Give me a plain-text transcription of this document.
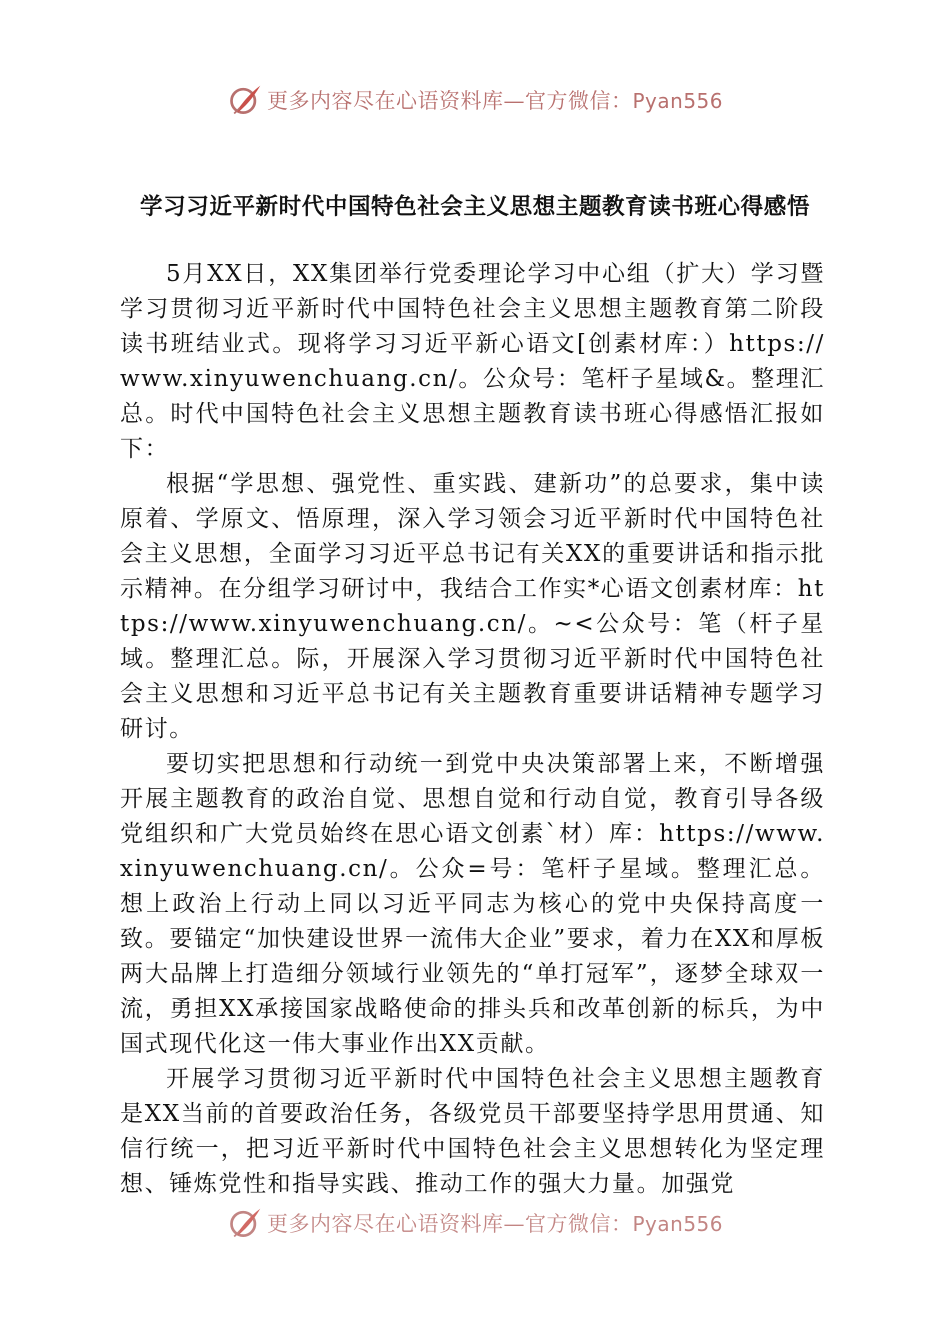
更多内容尽在心语资料库—官方微信：Pyan556
学习习近平新时代中国特色社会主义思想主题教育读书班心得感悟

5月XX日，XX集团举行党委理论学习中心组（扩大）学习暨学习贯彻习近平新时代中国特色社会主义思想主题教育第二阶段读书班结业式。现将学习习近平新心语文[创素材库：）https://www.xinyuwenchuang.cn/。公众号：笔杆子星域&。整理汇总。时代中国特色社会主义思想主题教育读书班心得感悟汇报如下：

根据“学思想、强党性、重实践、建新功”的总要求，集中读原着、学原文、悟原理，深入学习领会习近平新时代中国特色社会主义思想，全面学习习近平总书记有关XX的重要讲话和指示批示精神。在分组学习研讨中，我结合工作实*心语文创素材库：https://www.xinyuwenchuang.cn/。~<公众号：笔（杆子星域。整理汇总。际，开展深入学习贯彻习近平新时代中国特色社会主义思想和习近平总书记有关主题教育重要讲话精神专题学习研讨。

要切实把思想和行动统一到党中央决策部署上来，不断增强开展主题教育的政治自觉、思想自觉和行动自觉，教育引导各级党组织和广大党员始终在思心语文创素`材）库：https://www.xinyuwenchuang.cn/。公众=号：笔杆子星域。整理汇总。想上政治上行动上同以习近平同志为核心的党中央保持高度一致。要锚定“加快建设世界一流伟大企业”要求，着力在XX和厚板两大品牌上打造细分领域行业领先的“单打冠军”，逐梦全球双一流，勇担XX承接国家战略使命的排头兵和改革创新的标兵，为中国式现代化这一伟大事业作出XX贡献。

开展学习贯彻习近平新时代中国特色社会主义思想主题教育是XX当前的首要政治任务，各级党员干部要坚持学思用贯通、知信行统一，把习近平新时代中国特色社会主义思想转化为坚定理想、锤炼党性和指导实践、推动工作的强大力量。加强党

更多内容尽在心语资料库—官方微信：Pyan556
